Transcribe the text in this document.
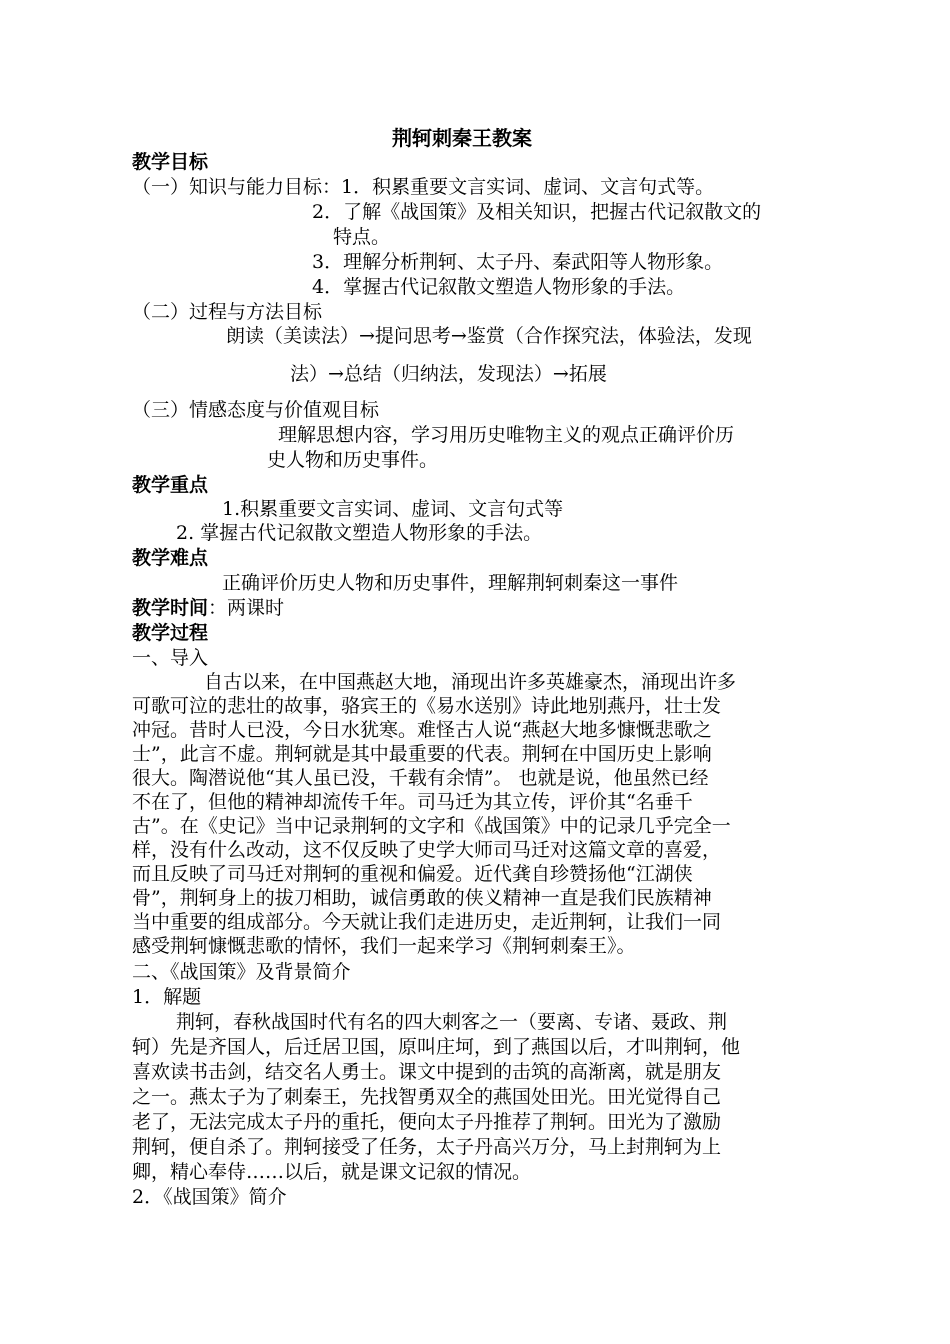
荆轲刺秦王教案
教学目标
（一）知识与能力目标：1．积累重要文言实词、虚词、文言句式等。
2．了解《战国策》及相关知识，把握古代记叙散文的
特点。
3．理解分析荆轲、太子丹、秦武阳等人物形象。
4．掌握古代记叙散文塑造人物形象的手法。
（二）过程与方法目标
朗读（美读法）→提问思考→鉴赏（合作探究法，体验法，发现
法）→总结（归纳法，发现法）→拓展
（三）情感态度与价值观目标
理解思想内容，学习用历史唯物主义的观点正确评价历
史人物和历史事件。
教学重点
1.积累重要文言实词、虚词、文言句式等
2. 掌握古代记叙散文塑造人物形象的手法。
教学难点
正确评价历史人物和历史事件，理解荆轲刺秦这一事件
教学时间：两课时
教学过程
一、导入
自古以来，在中国燕赵大地，涌现出许多英雄豪杰，涌现出许多
可歌可泣的悲壮的故事，骆宾王的《易水送别》诗此地别燕丹，壮士发
冲冠。昔时人已没，今日水犹寒。难怪古人说“燕赵大地多慷慨悲歌之
士”，此言不虚。荆轲就是其中最重要的代表。荆轲在中国历史上影响
很大。陶潜说他“其人虽已没，千载有余情”。 也就是说，他虽然已经
不在了，但他的精神却流传千年。司马迁为其立传，评价其“名垂千
古”。在《史记》当中记录荆轲的文字和《战国策》中的记录几乎完全一
样，没有什么改动，这不仅反映了史学大师司马迁对这篇文章的喜爱，
而且反映了司马迁对荆轲的重视和偏爱。近代龚自珍赞扬他“江湖侠
骨”，荆轲身上的拔刀相助，诚信勇敢的侠义精神一直是我们民族精神
当中重要的组成部分。今天就让我们走进历史，走近荆轲，让我们一同
感受荆轲慷慨悲歌的情怀，我们一起来学习《荆轲刺秦王》。
二、《战国策》及背景简介
1．解题
荆轲，春秋战国时代有名的四大刺客之一（要离、专诸、聂政、荆
轲）先是齐国人，后迁居卫国，原叫庄坷，到了燕国以后，才叫荆轲，他
喜欢读书击剑，结交名人勇士。课文中提到的击筑的高渐离，就是朋友
之一。燕太子为了刺秦王，先找智勇双全的燕国处田光。田光觉得自己
老了，无法完成太子丹的重托，便向太子丹推荐了荆轲。田光为了激励
荆轲，便自杀了。荆轲接受了任务，太子丹高兴万分，马上封荆轲为上
卿，精心奉侍……以后，就是课文记叙的情况。
2．《战国策》简介
